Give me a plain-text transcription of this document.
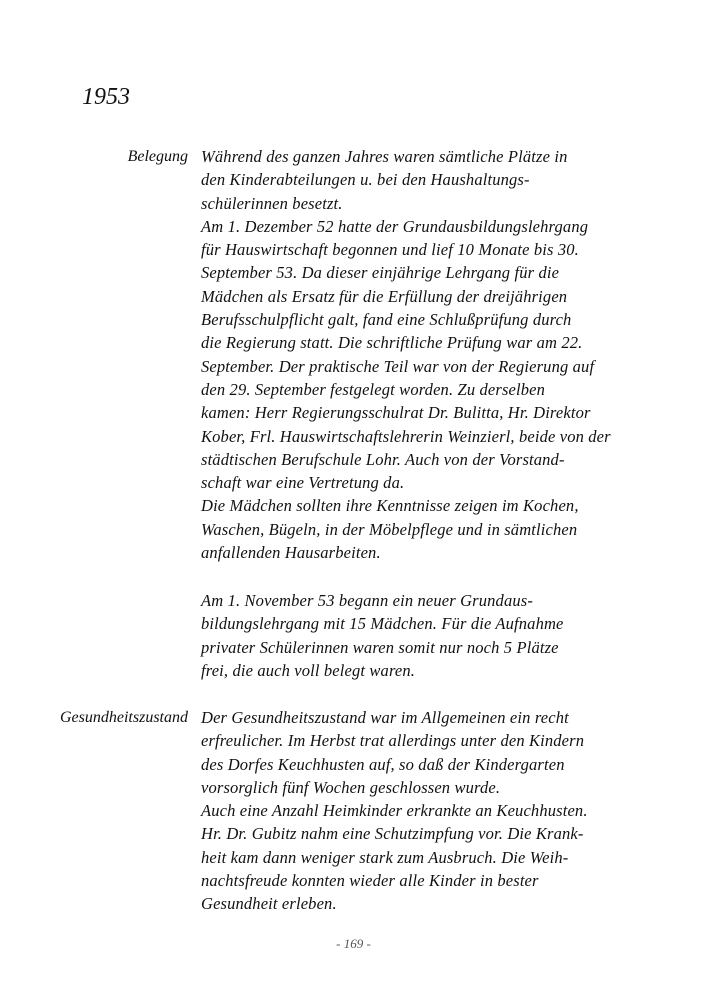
1953
Belegung Während des ganzen Jahres waren sämtliche Plätze in
den Kinderabteilungen u. bei den Haushaltungs-
schülerinnen besetzt.
Am 1. Dezember 52 hatte der Grundausbildungslehrgang
für Hauswirtschaft begonnen und lief 10 Monate bis 30.
September 53. Da dieser einjährige Lehrgang für die
Mädchen als Ersatz für die Erfüllung der dreijährigen
Berufsschulpflicht galt, fand eine Schlußprüfung durch
die Regierung statt. Die schriftliche Prüfung war am 22.
September. Der praktische Teil war von der Regierung auf
den 29. September festgelegt worden. Zu derselben
kamen: Herr Regierungsschulrat Dr. Bulitta, Hr. Direktor
Kober, Frl. Hauswirtschaftslehrerin Weinzierl, beide von der
städtischen Berufschule Lohr. Auch von der Vorstand-
schaft war eine Vertretung da.
Die Mädchen sollten ihre Kenntnisse zeigen im Kochen,
Waschen, Bügeln, in der Möbelpflege und in sämtlichen
anfallenden Hausarbeiten.
Am 1. November 53 begann ein neuer Grundaus-
bildungslehrgang mit 15 Mädchen. Für die Aufnahme
privater Schülerinnen waren somit nur noch 5 Plätze
frei, die auch voll belegt waren.
Gesundheitszustand Der Gesundheitszustand war im Allgemeinen ein recht
erfreulicher. Im Herbst trat allerdings unter den Kindern
des Dorfes Keuchhusten auf, so daß der Kindergarten
vorsorglich fünf Wochen geschlossen wurde.
Auch eine Anzahl Heimkinder erkrankte an Keuchhusten.
Hr. Dr. Gubitz nahm eine Schutzimpfung vor. Die Krank-
heit kam dann weniger stark zum Ausbruch. Die Weih-
nachtsfreude konnten wieder alle Kinder in bester
Gesundheit erleben.
- 169 -
